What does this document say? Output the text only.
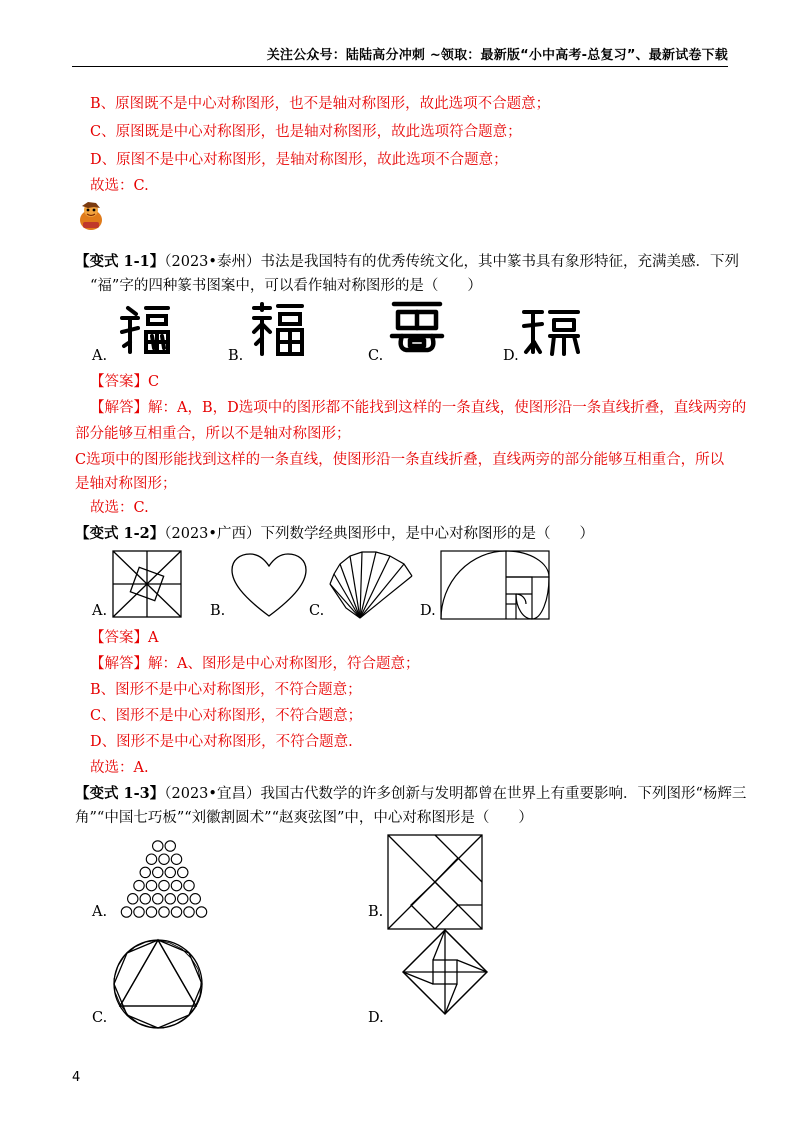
关注公众号：陆陆高分冲刺 ~领取：最新版“小中高考-总复习”、最新试卷下载
B、原图既不是中心对称图形，也不是轴对称图形，故此选项不合题意；
C、原图既是中心对称图形，也是轴对称图形，故此选项符合题意；
D、原图不是中心对称图形，是轴对称图形，故此选项不合题意；
故选：C.
【变式 1-1】（2023•泰州）书法是我国特有的优秀传统文化，其中篆书具有象形特征，充满美感．下列
“福”字的四种篆书图案中，可以看作轴对称图形的是（　　）
A.	B.	C.	D.
【答案】C
【解答】解：A，B，D选项中的图形都不能找到这样的一条直线，使图形沿一条直线折叠，直线两旁的
部分能够互相重合，所以不是轴对称图形；
C选项中的图形能找到这样的一条直线，使图形沿一条直线折叠，直线两旁的部分能够互相重合，所以
是轴对称图形；
故选：C.
【变式 1-2】（2023•广西）下列数学经典图形中，是中心对称图形的是（　　）
A.	B.	C.	D.
【答案】A
【解答】解：A、图形是中心对称图形，符合题意；
B、图形不是中心对称图形，不符合题意；
C、图形不是中心对称图形，不符合题意；
D、图形不是中心对称图形，不符合题意.
故选：A.
【变式 1-3】（2023•宜昌）我国古代数学的许多创新与发明都曾在世界上有重要影响．下列图形“杨辉三
角”“中国七巧板”“刘徽割圆术”“赵爽弦图”中，中心对称图形是（　　）
A.	B.
C.	D.
4
